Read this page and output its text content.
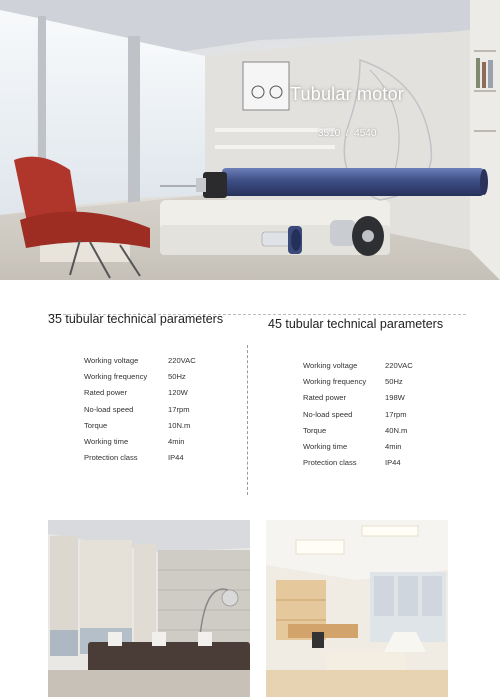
Tubular motor
3510  /  4540
35 tubular technical parameters
Working voltage	220VAC
Working frequency	50Hz
Rated power	120W
No-load speed	17rpm
Torque	10N.m
Working time	4min
Protection class	IP44
45 tubular technical parameters
Working voltage	220VAC
Working frequency 50Hz
Rated power	198W
No-load speed	17rpm
Torque	40N.m
Working time	4min
Protection class	IP44
